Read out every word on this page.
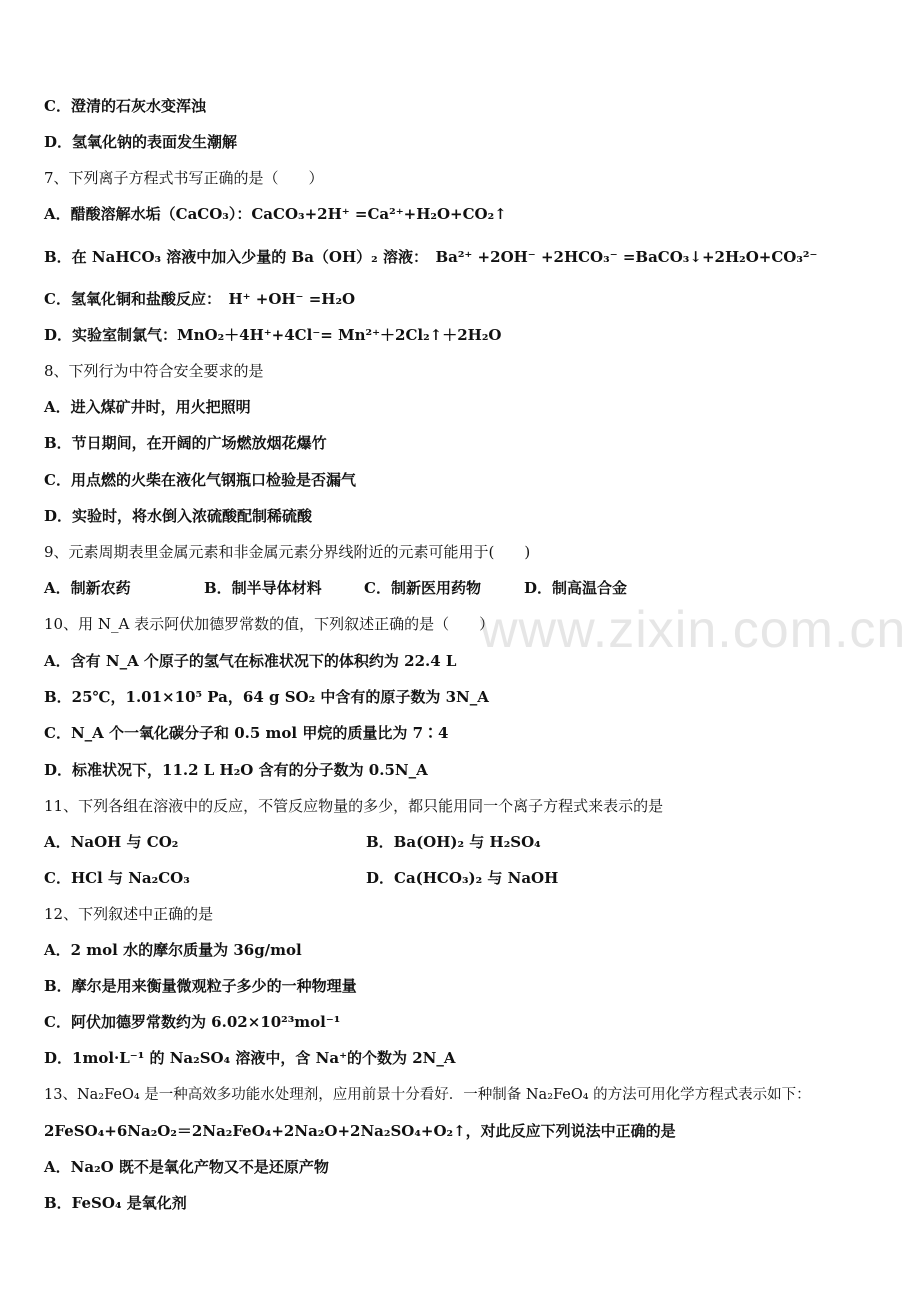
www.zixin.com.cn
C．澄清的石灰水变浑浊
D．氢氧化钠的表面发生潮解
7、下列离子方程式书写正确的是（　　）
A．醋酸溶解水垢（CaCO₃）：CaCO₃+2H⁺ =Ca²⁺+H₂O+CO₂↑
B．在 NaHCO₃ 溶液中加入少量的 Ba（OH）₂ 溶液：　Ba²⁺ +2OH⁻ +2HCO₃⁻ =BaCO₃↓+2H₂O+CO₃²⁻
C．氢氧化铜和盐酸反应：　H⁺ +OH⁻ =H₂O
D．实验室制氯气：MnO₂＋4H⁺+4Cl⁻= Mn²⁺＋2Cl₂↑＋2H₂O
8、下列行为中符合安全要求的是
A．进入煤矿井时，用火把照明
B．节日期间，在开阔的广场燃放烟花爆竹
C．用点燃的火柴在液化气钢瓶口检验是否漏气
D．实验时，将水倒入浓硫酸配制稀硫酸
9、元素周期表里金属元素和非金属元素分界线附近的元素可能用于(　　)
A．制新农药	B．制半导体材料	C．制新医用药物	D．制高温合金
10、用 N_A 表示阿伏加德罗常数的值，下列叙述正确的是（　　）
A．含有 N_A 个原子的氢气在标准状况下的体积约为 22.4 L
B．25℃，1.01×10⁵ Pa，64 g SO₂ 中含有的原子数为 3N_A
C．N_A 个一氧化碳分子和 0.5 mol 甲烷的质量比为 7∶4
D．标准状况下，11.2 L H₂O 含有的分子数为 0.5N_A
11、下列各组在溶液中的反应，不管反应物量的多少，都只能用同一个离子方程式来表示的是
A．NaOH 与 CO₂	B．Ba(OH)₂ 与 H₂SO₄
C．HCl 与 Na₂CO₃	D．Ca(HCO₃)₂ 与 NaOH
12、下列叙述中正确的是
A．2 mol 水的摩尔质量为 36g/mol
B．摩尔是用来衡量微观粒子多少的一种物理量
C．阿伏加德罗常数约为 6.02×10²³mol⁻¹
D．1mol·L⁻¹ 的 Na₂SO₄ 溶液中，含 Na⁺的个数为 2N_A
13、Na₂FeO₄ 是一种高效多功能水处理剂，应用前景十分看好．一种制备 Na₂FeO₄ 的方法可用化学方程式表示如下：
2FeSO₄+6Na₂O₂＝2Na₂FeO₄+2Na₂O+2Na₂SO₄+O₂↑，对此反应下列说法中正确的是
A．Na₂O 既不是氧化产物又不是还原产物
B．FeSO₄ 是氧化剂
